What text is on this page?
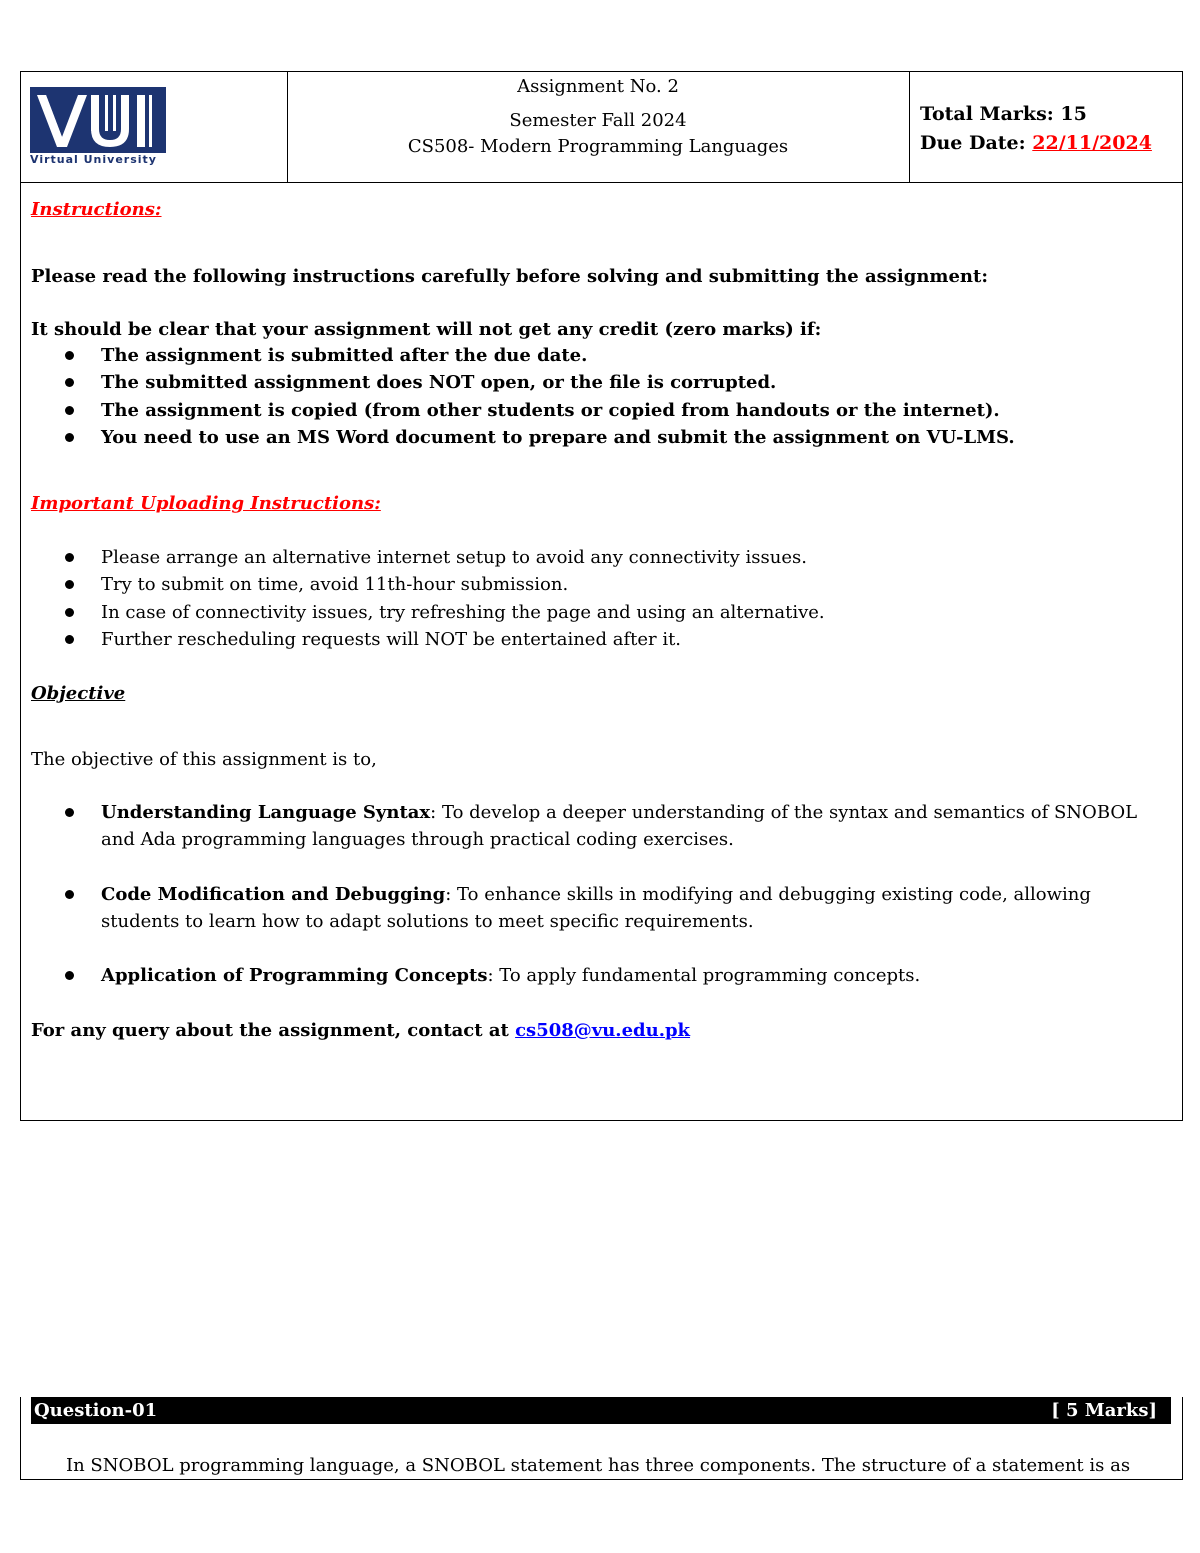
Virtual University
Assignment No. 2
Semester Fall 2024
CS508- Modern Programming Languages
Total Marks: 15
Due Date: 22/11/2024
Instructions:
Please read the following instructions carefully before solving and submitting the assignment:
It should be clear that your assignment will not get any credit (zero marks) if:
The assignment is submitted after the due date.
The submitted assignment does NOT open, or the file is corrupted.
The assignment is copied (from other students or copied from handouts or the internet).
You need to use an MS Word document to prepare and submit the assignment on VU-LMS.
Important Uploading Instructions:
Please arrange an alternative internet setup to avoid any connectivity issues.
Try to submit on time, avoid 11th-hour submission.
In case of connectivity issues, try refreshing the page and using an alternative.
Further rescheduling requests will NOT be entertained after it.
Objective
The objective of this assignment is to,
Understanding Language Syntax: To develop a deeper understanding of the syntax and semantics of SNOBOL and Ada programming languages through practical coding exercises.
Code Modification and Debugging: To enhance skills in modifying and debugging existing code, allowing students to learn how to adapt solutions to meet specific requirements.
Application of Programming Concepts: To apply fundamental programming concepts.
For any query about the assignment, contact at cs508@vu.edu.pk
Question-01	[ 5 Marks]
In SNOBOL programming language, a SNOBOL statement has three components. The structure of a statement is as
